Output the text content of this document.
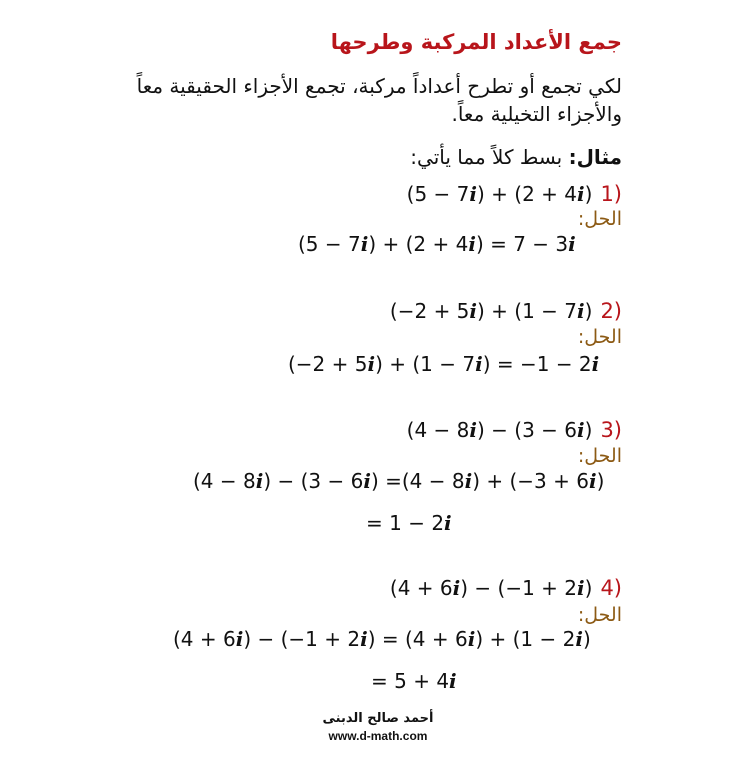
جمع الأعداد المركبة وطرحها
لكي تجمع أو تطرح أعداداً مركبة، تجمع الأجزاء الحقيقية معاً والأجزاء التخيلية معاً.
مثال: بسط كلاً مما يأتي:
1)
(5 − 7i) + (2 + 4i)
الحل:
(5 − 7i) + (2 + 4i) = 7 − 3i
2)
(−2 + 5i) + (1 − 7i)
الحل:
(−2 + 5i) + (1 − 7i) = −1 − 2i
3)
(4 − 8i) − (3 − 6i)
الحل:
(4 − 8i) − (3 − 6i) =(4 − 8i) + (−3 + 6i)
= 1 − 2i
4)
(4 + 6i) − (−1 + 2i)
الحل:
(4 + 6i) − (−1 + 2i) = (4 + 6i) + (1 − 2i)
= 5 + 4i
أحمد صالح الدبنى
www.d-math.com
